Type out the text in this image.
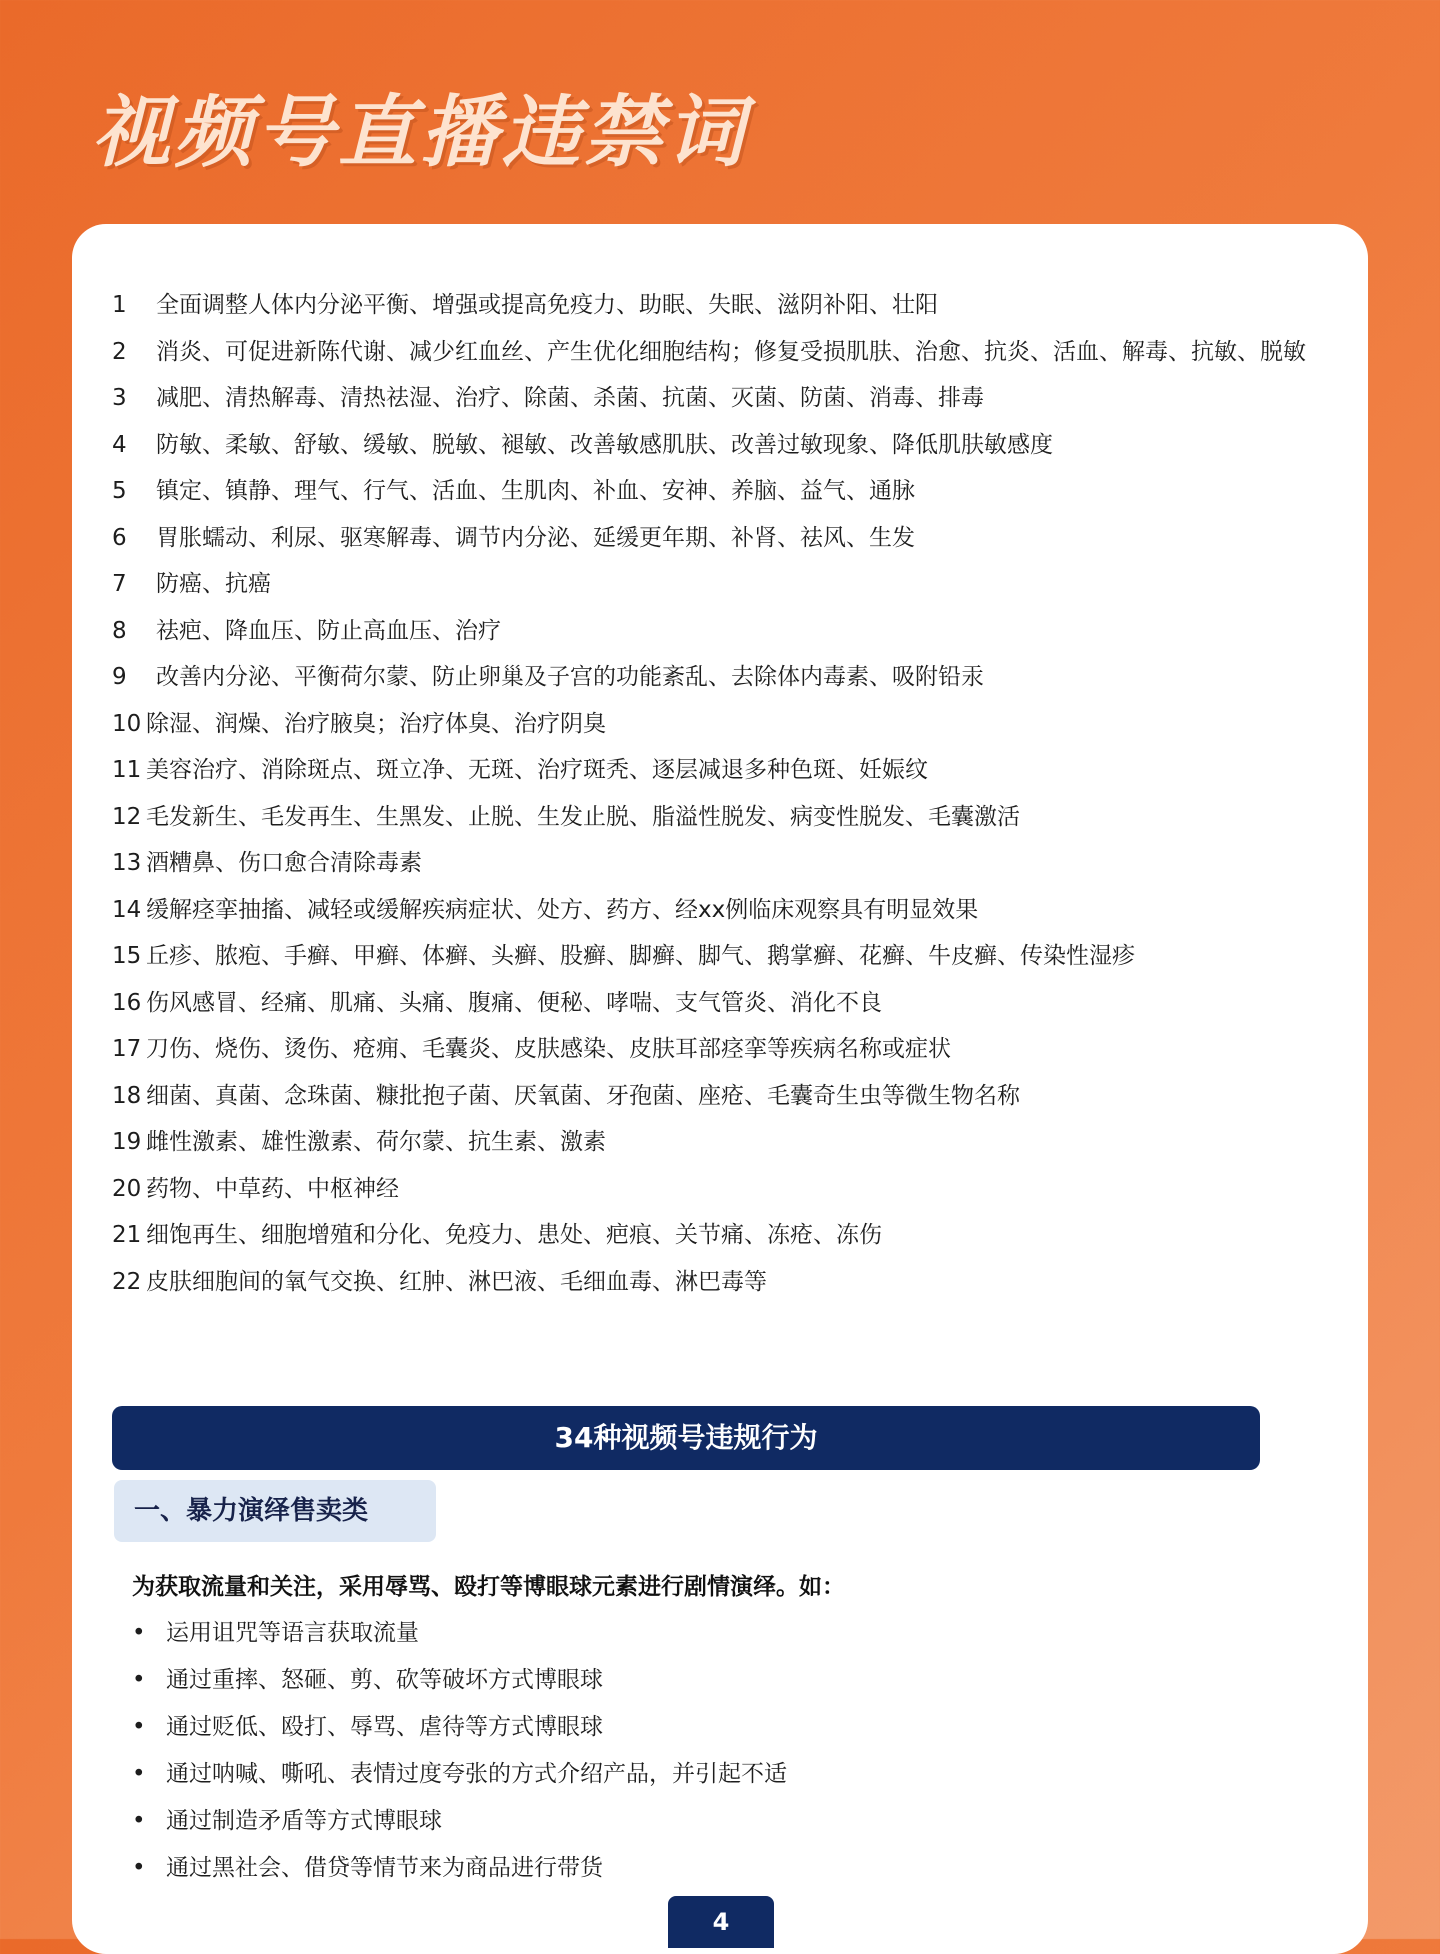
视频号直播违禁词
1 全面调整人体内分泌平衡、增强或提高免疫力、助眠、失眠、滋阴补阳、壮阳
2 消炎、可促进新陈代谢、减少红血丝、产生优化细胞结构；修复受损肌肤、治愈、抗炎、活血、解毒、抗敏、脱敏
3 减肥、清热解毒、清热祛湿、治疗、除菌、杀菌、抗菌、灭菌、防菌、消毒、排毒
4 防敏、柔敏、舒敏、缓敏、脱敏、褪敏、改善敏感肌肤、改善过敏现象、降低肌肤敏感度
5 镇定、镇静、理气、行气、活血、生肌肉、补血、安神、养脑、益气、通脉
6 胃胀蠕动、利尿、驱寒解毒、调节内分泌、延缓更年期、补肾、祛风、生发
7 防癌、抗癌
8 祛疤、降血压、防止高血压、治疗
9 改善内分泌、平衡荷尔蒙、防止卵巢及子宫的功能紊乱、去除体内毒素、吸附铅汞
10 除湿、润燥、治疗腋臭；治疗体臭、治疗阴臭
11 美容治疗、消除斑点、斑立净、无斑、治疗斑秃、逐层减退多种色斑、妊娠纹
12 毛发新生、毛发再生、生黑发、止脱、生发止脱、脂溢性脱发、病变性脱发、毛囊激活
13 酒糟鼻、伤口愈合清除毒素
14 缓解痉挛抽搐、减轻或缓解疾病症状、处方、药方、经xx例临床观察具有明显效果
15 丘疹、脓疱、手癣、甲癣、体癣、头癣、股癣、脚癣、脚气、鹅掌癣、花癣、牛皮癣、传染性湿疹
16 伤风感冒、经痛、肌痛、头痛、腹痛、便秘、哮喘、支气管炎、消化不良
17 刀伤、烧伤、烫伤、疮痈、毛囊炎、皮肤感染、皮肤耳部痉挛等疾病名称或症状
18 细菌、真菌、念珠菌、糠批抱子菌、厌氧菌、牙孢菌、座疮、毛囊奇生虫等微生物名称
19 雌性激素、雄性激素、荷尔蒙、抗生素、激素
20 药物、中草药、中枢神经
21 细饱再生、细胞增殖和分化、免疫力、患处、疤痕、关节痛、冻疮、冻伤
22 皮肤细胞间的氧气交换、红肿、淋巴液、毛细血毒、淋巴毒等
34种视频号违规行为
一、暴力演绎售卖类
为获取流量和关注，采用辱骂、殴打等博眼球元素进行剧情演绎。如：
• 运用诅咒等语言获取流量
• 通过重摔、怒砸、剪、砍等破坏方式博眼球
• 通过贬低、殴打、辱骂、虐待等方式博眼球
• 通过呐喊、嘶吼、表情过度夸张的方式介绍产品，并引起不适
• 通过制造矛盾等方式博眼球
• 通过黑社会、借贷等情节来为商品进行带货
4
